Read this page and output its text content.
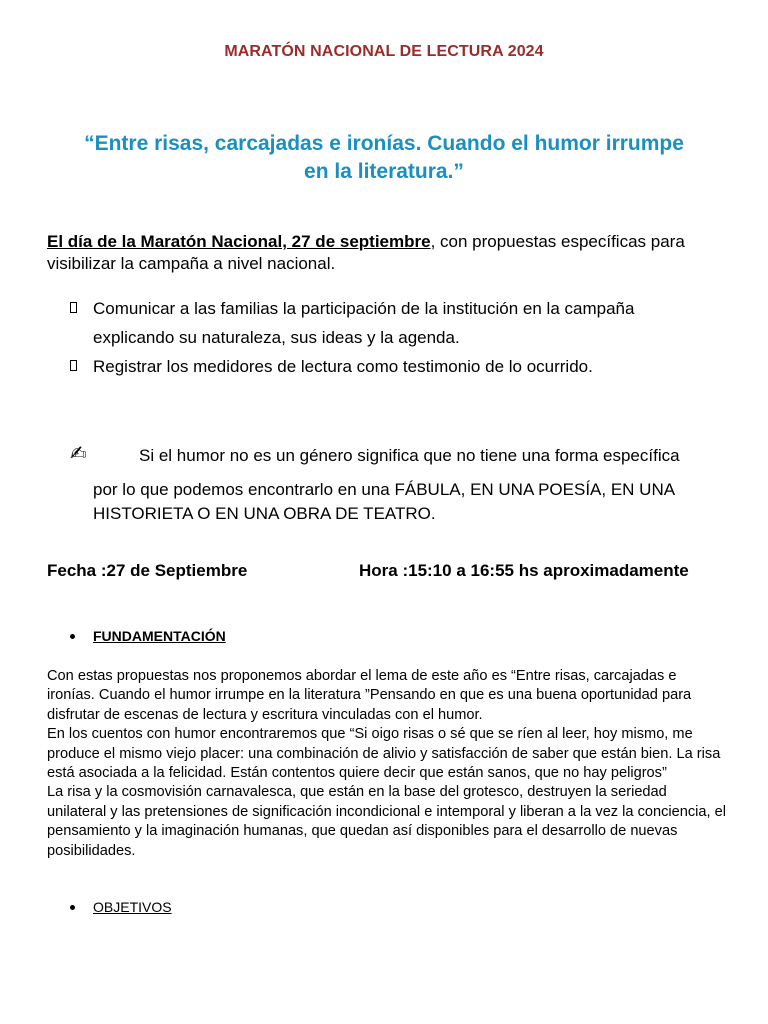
MARATÓN NACIONAL DE LECTURA 2024
“Entre risas, carcajadas e ironías. Cuando el humor irrumpe
en la literatura.”
El día de la Maratón Nacional, 27 de septiembre, con propuestas específicas para visibilizar la campaña a nivel nacional.
Comunicar a las familias la participación de la institución en la campaña explicando su naturaleza, sus ideas y la agenda.
Registrar los medidores de lectura como testimonio de lo ocurrido.
✍	Si el humor no es un género significa que no tiene una forma específica
por lo que podemos encontrarlo en una FÁBULA, EN UNA POESÍA, EN UNA HISTORIETA O EN UNA OBRA DE TEATRO.
Fecha :27 de Septiembre	Hora :15:10 a 16:55 hs aproximadamente
FUNDAMENTACIÓN

Con estas propuestas nos proponemos abordar el lema de este año es “Entre risas, carcajadas e ironías. Cuando el humor irrumpe en la literatura ”Pensando en que es una buena oportunidad para disfrutar de escenas de lectura y escritura vinculadas con el humor.

En los cuentos con humor encontraremos que “Si oigo risas o sé que se ríen al leer, hoy mismo, me produce el mismo viejo placer: una combinación de alivio y satisfacción de saber que están bien. La risa está asociada a la felicidad. Están contentos quiere decir que están sanos, que no hay peligros”

La risa y la cosmovisión carnavalesca, que están en la base del grotesco, destruyen la seriedad unilateral y las pretensiones de significación incondicional e intemporal y liberan a la vez la conciencia, el pensamiento y la imaginación humanas, que quedan así disponibles para el desarrollo de nuevas posibilidades.

OBJETIVOS
